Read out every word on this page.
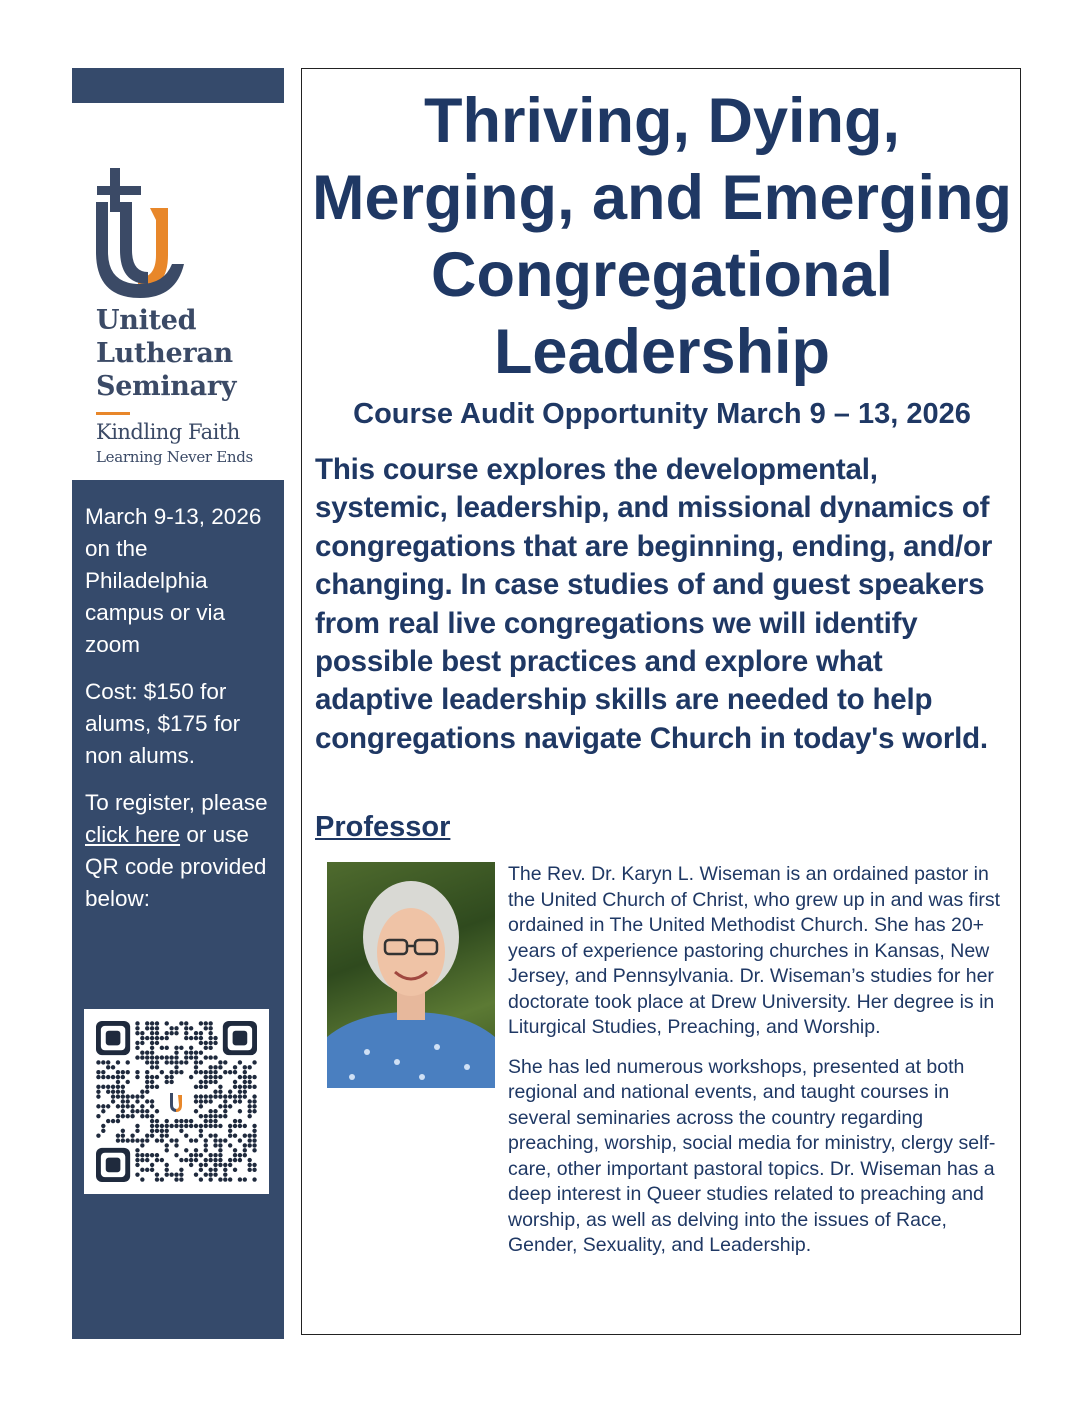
United
Lutheran
Seminary
Kindling Faith
Learning Never Ends

March 9-13, 2026 on the Philadelphia campus or via zoom

Cost: $150 for alums, $175 for non alums.

To register, please click here or use QR code provided below:

Thriving, Dying,
Merging, and Emerging
Congregational
Leadership
Course Audit Opportunity March 9 – 13, 2026
This course explores the developmental, systemic, leadership, and missional dynamics of congregations that are beginning, ending, and/or changing. In case studies of and guest speakers from real live congregations we will identify possible best practices and explore what adaptive leadership skills are needed to help congregations navigate Church in today's world.
Professor

The Rev. Dr. Karyn L. Wiseman is an ordained pastor in the United Church of Christ, who grew up in and was first ordained in The United Methodist Church. She has 20+ years of experience pastoring churches in Kansas, New Jersey, and Pennsylvania. Dr. Wiseman’s studies for her doctorate took place at Drew University. Her degree is in Liturgical Studies, Preaching, and Worship.

She has led numerous workshops, presented at both regional and national events, and taught courses in several seminaries across the country regarding preaching, worship, social media for ministry, clergy self-care, other important pastoral topics. Dr. Wiseman has a deep interest in Queer studies related to preaching and worship, as well as delving into the issues of Race, Gender, Sexuality, and Leadership.
